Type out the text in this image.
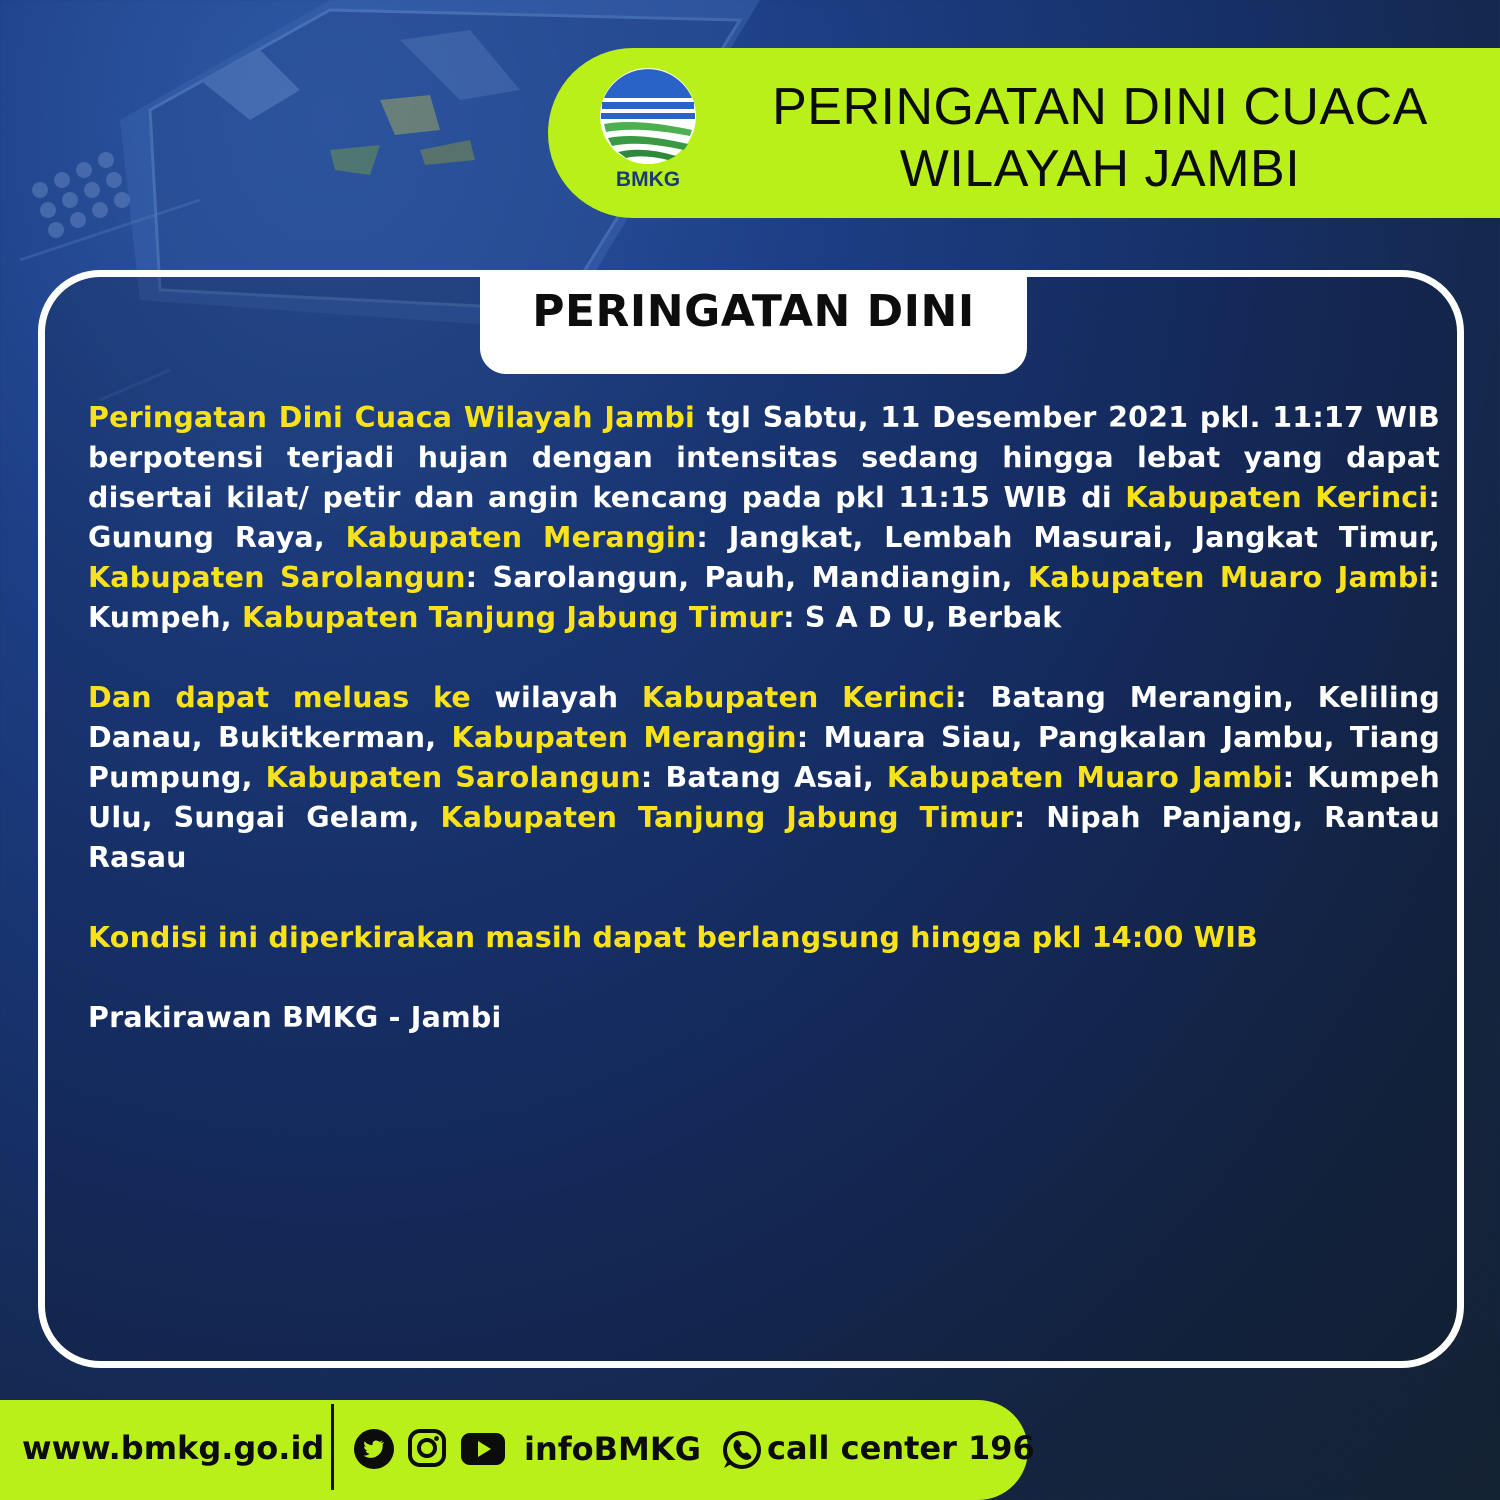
BMKG
PERINGATAN DINI CUACA
WILAYAH JAMBI
PERINGATAN DINI

Peringatan Dini Cuaca Wilayah Jambi tgl Sabtu, 11 Desember 2021 pkl. 11:17 WIB berpotensi terjadi hujan dengan intensitas sedang hingga lebat yang dapat disertai kilat/ petir dan angin kencang pada pkl 11:15 WIB di Kabupaten Kerinci: Gunung Raya, Kabupaten Merangin: Jangkat, Lembah Masurai, Jangkat Timur, Kabupaten Sarolangun: Sarolangun, Pauh, Mandiangin, Kabupaten Muaro Jambi: Kumpeh, Kabupaten Tanjung Jabung Timur: S A D U, Berbak

Dan dapat meluas ke wilayah Kabupaten Kerinci: Batang Merangin, Keliling Danau, Bukitkerman, Kabupaten Merangin: Muara Siau, Pangkalan Jambu, Tiang Pumpung, Kabupaten Sarolangun: Batang Asai, Kabupaten Muaro Jambi: Kumpeh Ulu, Sungai Gelam, Kabupaten Tanjung Jabung Timur: Nipah Panjang, Rantau Rasau

Kondisi ini diperkirakan masih dapat berlangsung hingga pkl 14:00 WIB

Prakirawan BMKG - Jambi

www.bmkg.go.id	infoBMKG call center 196
